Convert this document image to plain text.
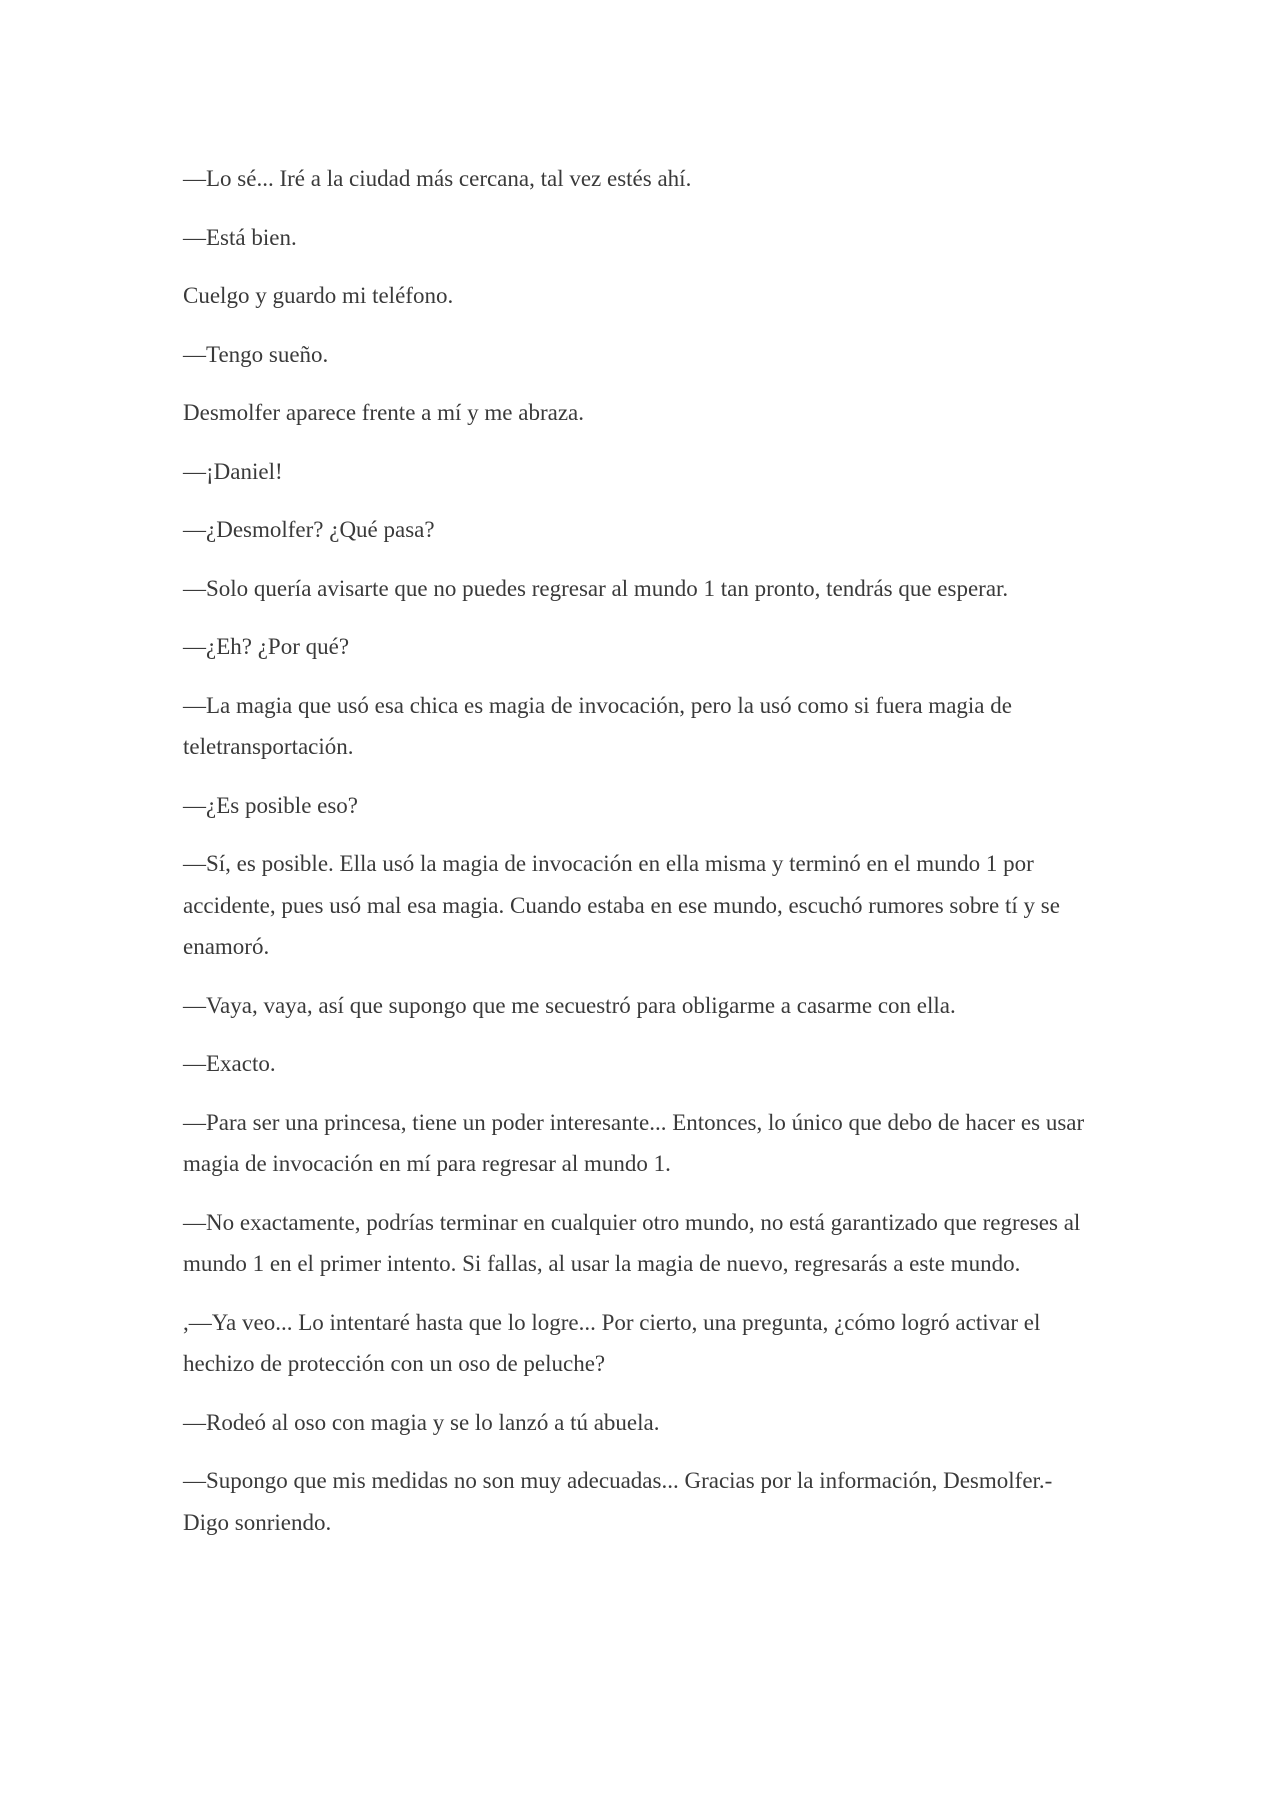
—Lo sé... Iré a la ciudad más cercana, tal vez estés ahí.

—Está bien.

Cuelgo y guardo mi teléfono.

—Tengo sueño.

Desmolfer aparece frente a mí y me abraza.

—¡Daniel!

—¿Desmolfer? ¿Qué pasa?

—Solo quería avisarte que no puedes regresar al mundo 1 tan pronto, tendrás que esperar.

—¿Eh? ¿Por qué?

—La magia que usó esa chica es magia de invocación, pero la usó como si fuera magia de teletransportación.

—¿Es posible eso?

—Sí, es posible. Ella usó la magia de invocación en ella misma y terminó en el mundo 1 por accidente, pues usó mal esa magia. Cuando estaba en ese mundo, escuchó rumores sobre tí y se enamoró.

—Vaya, vaya, así que supongo que me secuestró para obligarme a casarme con ella.

—Exacto.

—Para ser una princesa, tiene un poder interesante... Entonces, lo único que debo de hacer es usar magia de invocación en mí para regresar al mundo 1.

—No exactamente, podrías terminar en cualquier otro mundo, no está garantizado que regreses al mundo 1 en el primer intento. Si fallas, al usar la magia de nuevo, regresarás a este mundo.

,—Ya veo... Lo intentaré hasta que lo logre... Por cierto, una pregunta, ¿cómo logró activar el hechizo de protección con un oso de peluche?

—Rodeó al oso con magia y se lo lanzó a tú abuela.

—Supongo que mis medidas no son muy adecuadas... Gracias por la información, Desmolfer.- Digo sonriendo.
